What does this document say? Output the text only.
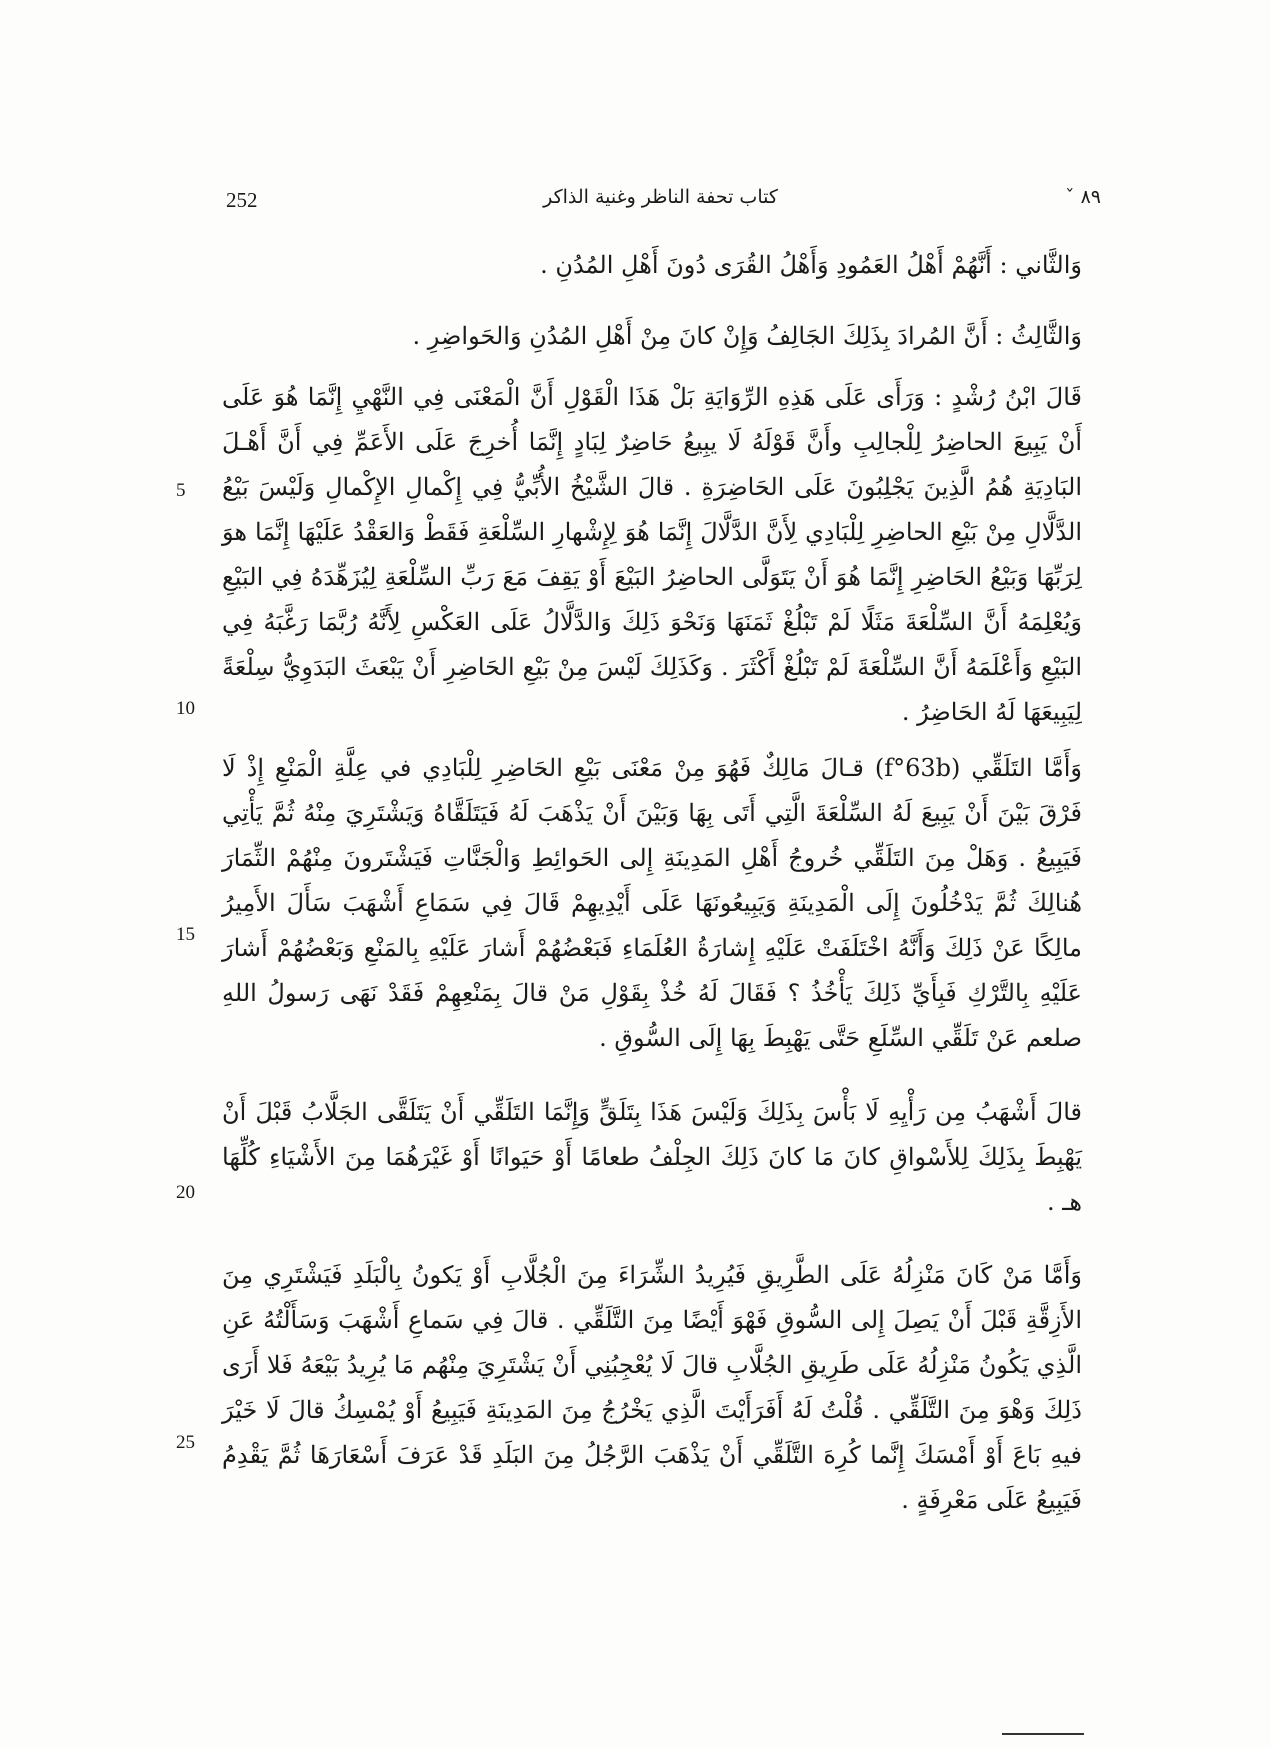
252	كتاب تحفة الناظر وغنية الذاكر	٨٩ ˇ

وَالثَّاني : أَنَّهُمْ أَهْلُ العَمُودِ وَأَهْلُ القُرَى دُونَ أَهْلِ المُدُنِ .

وَالثَّالِثُ : أَنَّ المُرادَ بِذَلِكَ الجَالِفُ وَإِنْ كانَ مِنْ أَهْلِ المُدُنِ وَالحَواضِرِ .

قَالَ ابْنُ رُشْدٍ : وَرَأَى عَلَى هَذِهِ الرِّوَايَةِ بَلْ هَذَا الْقَوْلِ أَنَّ الْمَعْنَى فِي النَّهْيِ إِنَّمَا هُوَ عَلَى أَنْ يَبِيعَ الحاضِرُ لِلْجالِبِ وأَنَّ قَوْلَهُ لَا يبِيعُ حَاضِرٌ لِبَادٍ إِنَّمَا أُخرِجَ عَلَى الأَعَمِّ فِي أَنَّ أَهْـلَ البَادِيَةِ هُمُ الَّذِينَ يَجْلِبُونَ عَلَى الحَاضِرَةِ . قالَ الشَّيْخُ الأُبِّيُّ فِي إِكْمالِ الإِكْمالِ وَلَيْسَ بَيْعُ الدَّلَّالِ مِنْ بَيْعِ الحاضِرِ لِلْبَادِي لِأَنَّ الدَّلَّالَ إِنَّمَا هُوَ لِإِشْهارِ السِّلْعَةِ فَقَطْ وَالعَقْدُ عَلَيْهَا إِنَّمَا هوَ لِرَبِّهَا وَبَيْعُ الحَاضِرِ إِنَّمَا هُوَ أَنْ يَتَوَلَّى الحاضِرُ البَيْعَ أَوْ يَقِفَ مَعَ رَبِّ السِّلْعَةِ لِيُزَهِّدَهُ فِي البَيْعِ وَيُعْلِمَهُ أَنَّ السِّلْعَةَ مَثَلًا لَمْ تَبْلُغْ ثَمَنَهَا وَنَحْوَ ذَلِكَ وَالدَّلَّالُ عَلَى العَكْسِ لِأَنَّهُ رُبَّمَا رَغَّبَهُ فِي البَيْعِ وَأَعْلَمَهُ أَنَّ السِّلْعَةَ لَمْ تَبْلُغْ أَكْثَرَ . وَكَذَلِكَ لَيْسَ مِنْ بَيْعِ الحَاضِرِ أَنْ يَبْعَثَ البَدَوِيُّ سِلْعَةً لِيَبِيعَهَا لَهُ الحَاضِرُ .

وَأَمَّا التَلَقِّي (f°63b) قـالَ مَالِكٌ فَهُوَ مِنْ مَعْنَى بَيْعِ الحَاضِرِ لِلْبَادِي في عِلَّةِ الْمَنْعِ إِذْ لَا فَرْقَ بَيْنَ أَنْ يَبِيعَ لَهُ السِّلْعَةَ الَّتِي أَتَى بِهَا وَبَيْنَ أَنْ يَذْهَبَ لَهُ فَيَتَلَقَّاهُ وَيَشْتَرِيَ مِنْهُ ثُمَّ يَأْتِي فَيَبِيعُ . وَهَلْ مِنَ التَلَقِّي خُروجُ أَهْلِ المَدِينَةِ إِلى الحَوائِطِ وَالْجَنَّاتِ فَيَشْتَرونَ مِنْهُمْ الثِّمَارَ هُنالِكَ ثُمَّ يَدْخُلُونَ إِلَى الْمَدِينَةِ وَيَبِيعُونَهَا عَلَى أَيْدِيهِمْ قَالَ فِي سَمَاعِ أَشْهَبَ سَأَلَ الأَمِيرُ مالِكًا عَنْ ذَلِكَ وَأَنَّهُ اخْتَلَفَتْ عَلَيْهِ إِشارَةُ العُلَمَاءِ فَبَعْضُهُمْ أَشارَ عَلَيْهِ بِالمَنْعِ وَبَعْضُهُمْ أَشارَ عَلَيْهِ بِالتَّرْكِ فَبِأَيِّ ذَلِكَ يَأْخُذُ ؟ فَقَالَ لَهُ خُذْ بِقَوْلِ مَنْ قالَ بِمَنْعِهِمْ فَقَدْ نَهَى رَسولُ اللهِ صلعم عَنْ تَلَقِّي السِّلَعِ حَتَّى يَهْبِطَ بِهَا إِلَى السُّوقِ .

قالَ أَشْهَبُ مِن رَأْيِهِ لَا بَأْسَ بِذَلِكَ وَلَيْسَ هَذَا بِتَلَقٍّ وَإِنَّمَا التَلَقِّي أَنْ يَتَلَقَّى الجَلَّابُ قَبْلَ أَنْ يَهْبِطَ بِذَلِكَ لِلأَسْواقِ كانَ مَا كانَ ذَلِكَ الجِلْفُ طعامًا أَوْ حَيَوانًا أَوْ غَيْرَهُمَا مِنَ الأَشْيَاءِ كُلِّهَا هـ .

وَأَمَّا مَنْ كَانَ مَنْزِلُهُ عَلَى الطَّرِيقِ فَيُرِيدُ الشِّرَاءَ مِنَ الْجُلَّابِ أَوْ يَكونُ بِالْبَلَدِ فَيَشْتَرِي مِنَ الأَزِقَّةِ قَبْلَ أَنْ يَصِلَ إِلى السُّوقِ فَهْوَ أَيْضًا مِنَ التَّلَقِّي . قالَ فِي سَماعِ أَشْهَبَ وَسَأَلْتُهُ عَنِ الَّذِي يَكُونُ مَنْزِلُهُ عَلَى طَرِيقِ الجُلَّابِ قالَ لَا يُعْجِبُنِي أَنْ يَشْتَرِيَ مِنْهُم مَا يُرِيدُ بَيْعَهُ فَلا أَرَى ذَلِكَ وَهْوَ مِنَ التَّلَقِّي . قُلْتُ لَهُ أَفَرَأَيْتَ الَّذِي يَخْرُجُ مِنَ المَدِينَةِ فَيَبِيعُ أَوْ يُمْسِكُ قالَ لَا خَيْرَ فيهِ بَاعَ أَوْ أَمْسَكَ إِنَّما كُرِهَ التَّلَقِّي أَنْ يَذْهَبَ الرَّجُلُ مِنَ البَلَدِ قَدْ عَرَفَ أَسْعَارَهَا ثُمَّ يَقْدِمُ فَيَبِيعُ عَلَى مَعْرِفَةٍ .

5
10
15
20
25
